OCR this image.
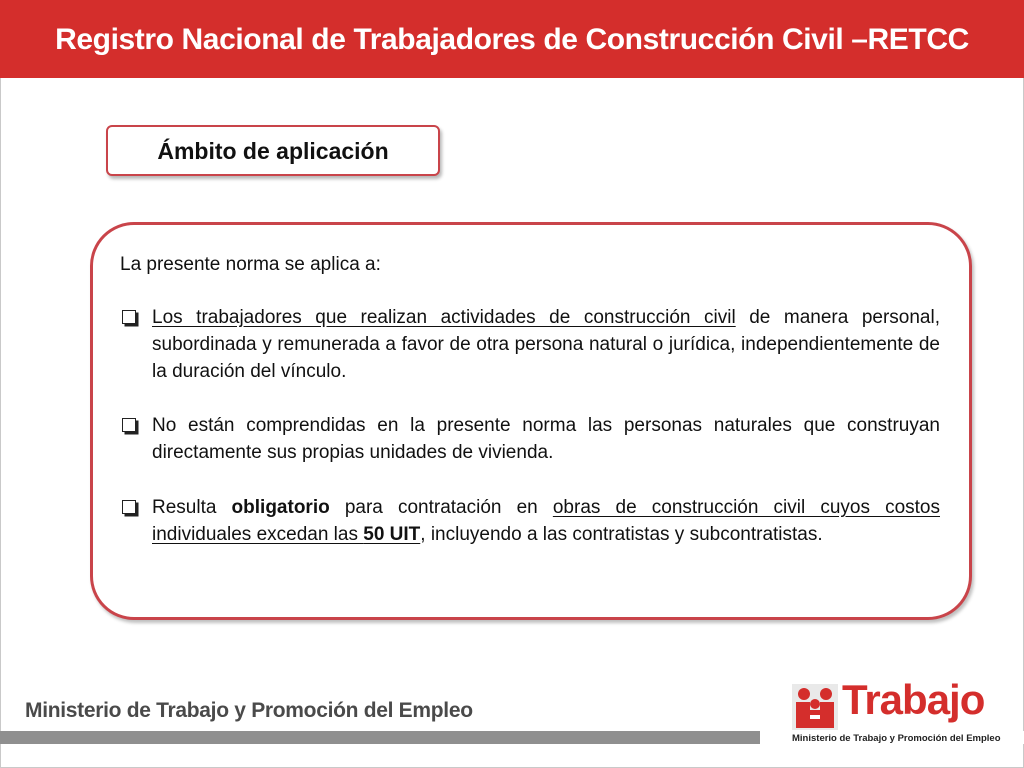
Registro Nacional de Trabajadores de Construcción Civil –RETCC
Ámbito de aplicación
La presente norma se aplica a:

Los trabajadores que realizan actividades de construcción civil de manera personal, subordinada y remunerada a favor de otra persona natural o jurídica, independientemente de la duración del vínculo.

No están comprendidas en la presente norma las personas naturales que construyan directamente sus propias unidades de vivienda.

Resulta obligatorio para contratación en obras de construcción civil cuyos costos individuales excedan las 50 UIT, incluyendo a las contratistas y subcontratistas.

Ministerio de Trabajo y Promoción del Empleo	Trabajo
Ministerio de Trabajo y Promoción del Empleo
